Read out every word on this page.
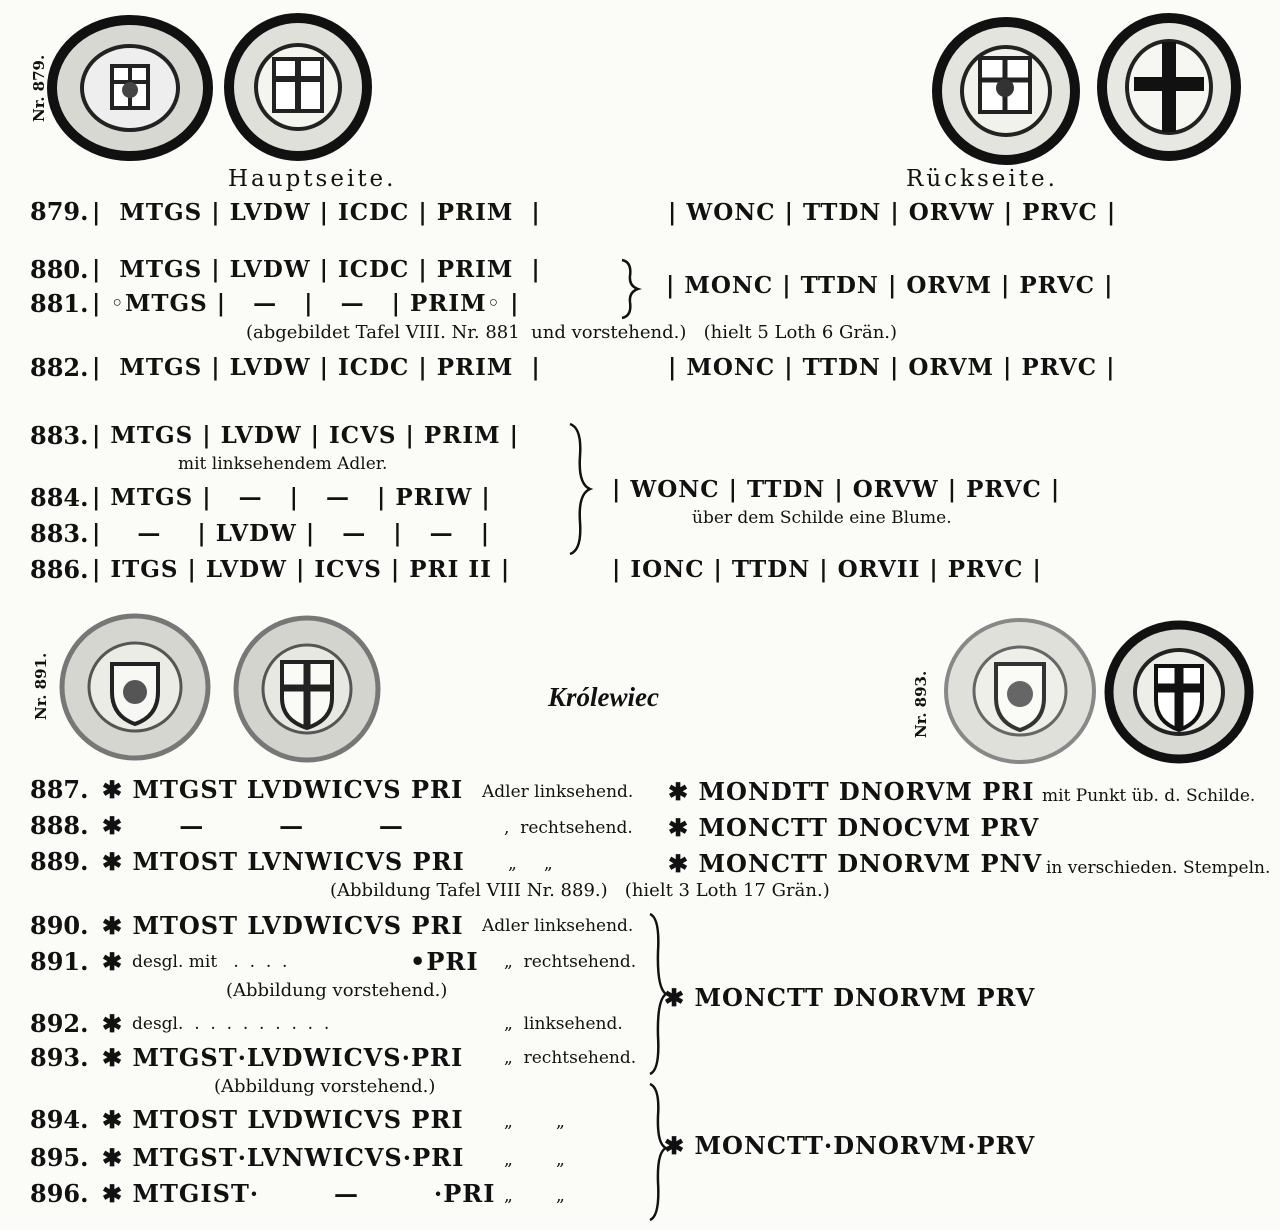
Nr. 879.
Nr. 891.	Nr. 893.
Hauptseite.	Rückseite.
879. |  MTGS | LVDW | ICDC | PRIM  |	| WONC | TTDN | ORVW | PRVC |
880. |  MTGS | LVDW | ICDC | PRIM  |
881. | ◦MTGS |   —   |   —   | PRIM◦ |
| MONC | TTDN | ORVM | PRVC |
(abgebildet Tafel VIII. Nr. 881  und vorstehend.)   (hielt 5 Loth 6 Grän.)
882. |  MTGS | LVDW | ICDC | PRIM  |	| MONC | TTDN | ORVM | PRVC |
883. | MTGS | LVDW | ICVS | PRIM |
mit linksehendem Adler.
884. | MTGS |   —   |   —   | PRIW |
883. |    —    | LVDW |   —   |   —   |
| WONC | TTDN | ORVW | PRVC |
über dem Schilde eine Blume.
886. | ITGS | LVDW | ICVS | PRI II |	| IONC | TTDN | ORVII | PRVC |
Królewiec
887. ✱ MTGST LVDWICVS PRI Adler linksehend. ✱ MONDTT DNORVM PRI mit Punkt üb. d. Schilde.
888. ✱      —        —        —	,  rechtsehend. ✱ MONCTT DNOCVM PRV
889. ✱ MTOST LVNWICVS PRI	„     „	✱ MONCTT DNORVM PNV in verschieden. Stempeln.
(Abbildung Tafel VIII Nr. 889.)   (hielt 3 Loth 17 Grän.)
890. ✱ MTOST LVDWICVS PRI Adler linksehend.
891. ✱ desgl. mit   .  .  .  .	•PRI „  rechtsehend.
(Abbildung vorstehend.)
892. ✱ desgl.  .  .  .  .  .  .  .  .  .	„  linksehend.
893. ✱ MTGST·LVDWICVS·PRI „  rechtsehend.
(Abbildung vorstehend.)
✱ MONCTT DNORVM PRV
894. ✱ MTOST LVDWICVS PRI „        „
895. ✱ MTGST·LVNWICVS·PRI „        „
896. ✱ MTGIST·        —        ·PRI „        „
✱ MONCTT·DNORVM·PRV
